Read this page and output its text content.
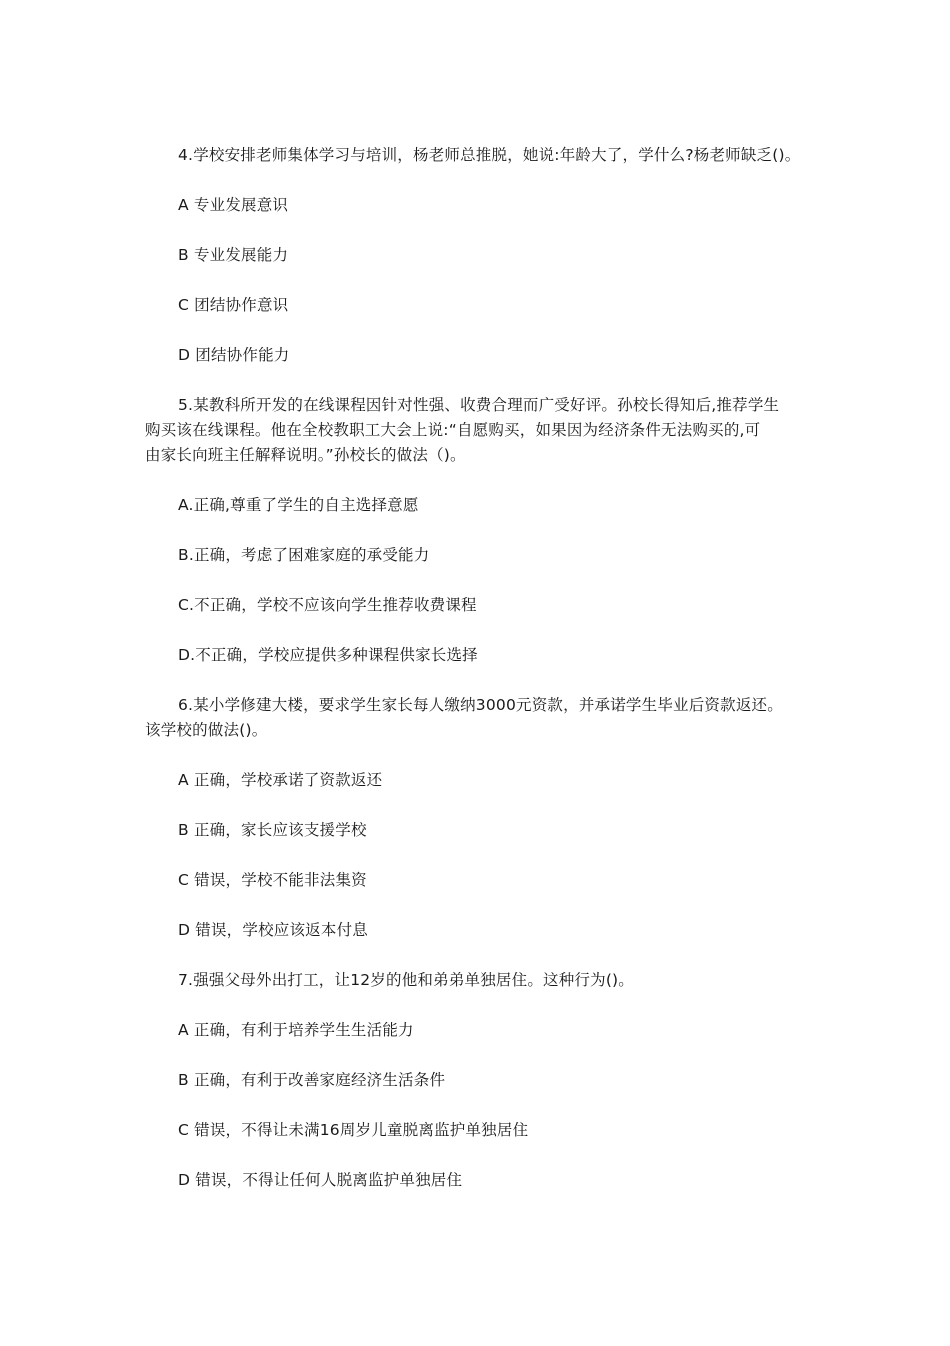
4.学校安排老师集体学习与培训，杨老师总推脱，她说:年龄大了，学什么?杨老师缺乏()。
A 专业发展意识
B 专业发展能力
C 团结协作意识
D 团结协作能力
5.某教科所开发的在线课程因针对性强、收费合理而广受好评。孙校长得知后,推荐学生
购买该在线课程。他在全校教职工大会上说:“自愿购买，如果因为经济条件无法购买的,可
由家长向班主任解释说明。”孙校长的做法（)。
A.正确,尊重了学生的自主选择意愿
B.正确，考虑了困难家庭的承受能力
C.不正确，学校不应该向学生推荐收费课程
D.不正确，学校应提供多种课程供家长选择
6.某小学修建大楼，要求学生家长每人缴纳3000元资款，并承诺学生毕业后资款返还。
该学校的做法()。
A 正确，学校承诺了资款返还
B 正确，家长应该支援学校
C 错误，学校不能非法集资
D 错误，学校应该返本付息
7.强强父母外出打工，让12岁的他和弟弟单独居住。这种行为()。
A 正确，有利于培养学生生活能力
B 正确，有利于改善家庭经济生活条件
C 错误，不得让未满16周岁儿童脱离监护单独居住
D 错误，不得让任何人脱离监护单独居住
